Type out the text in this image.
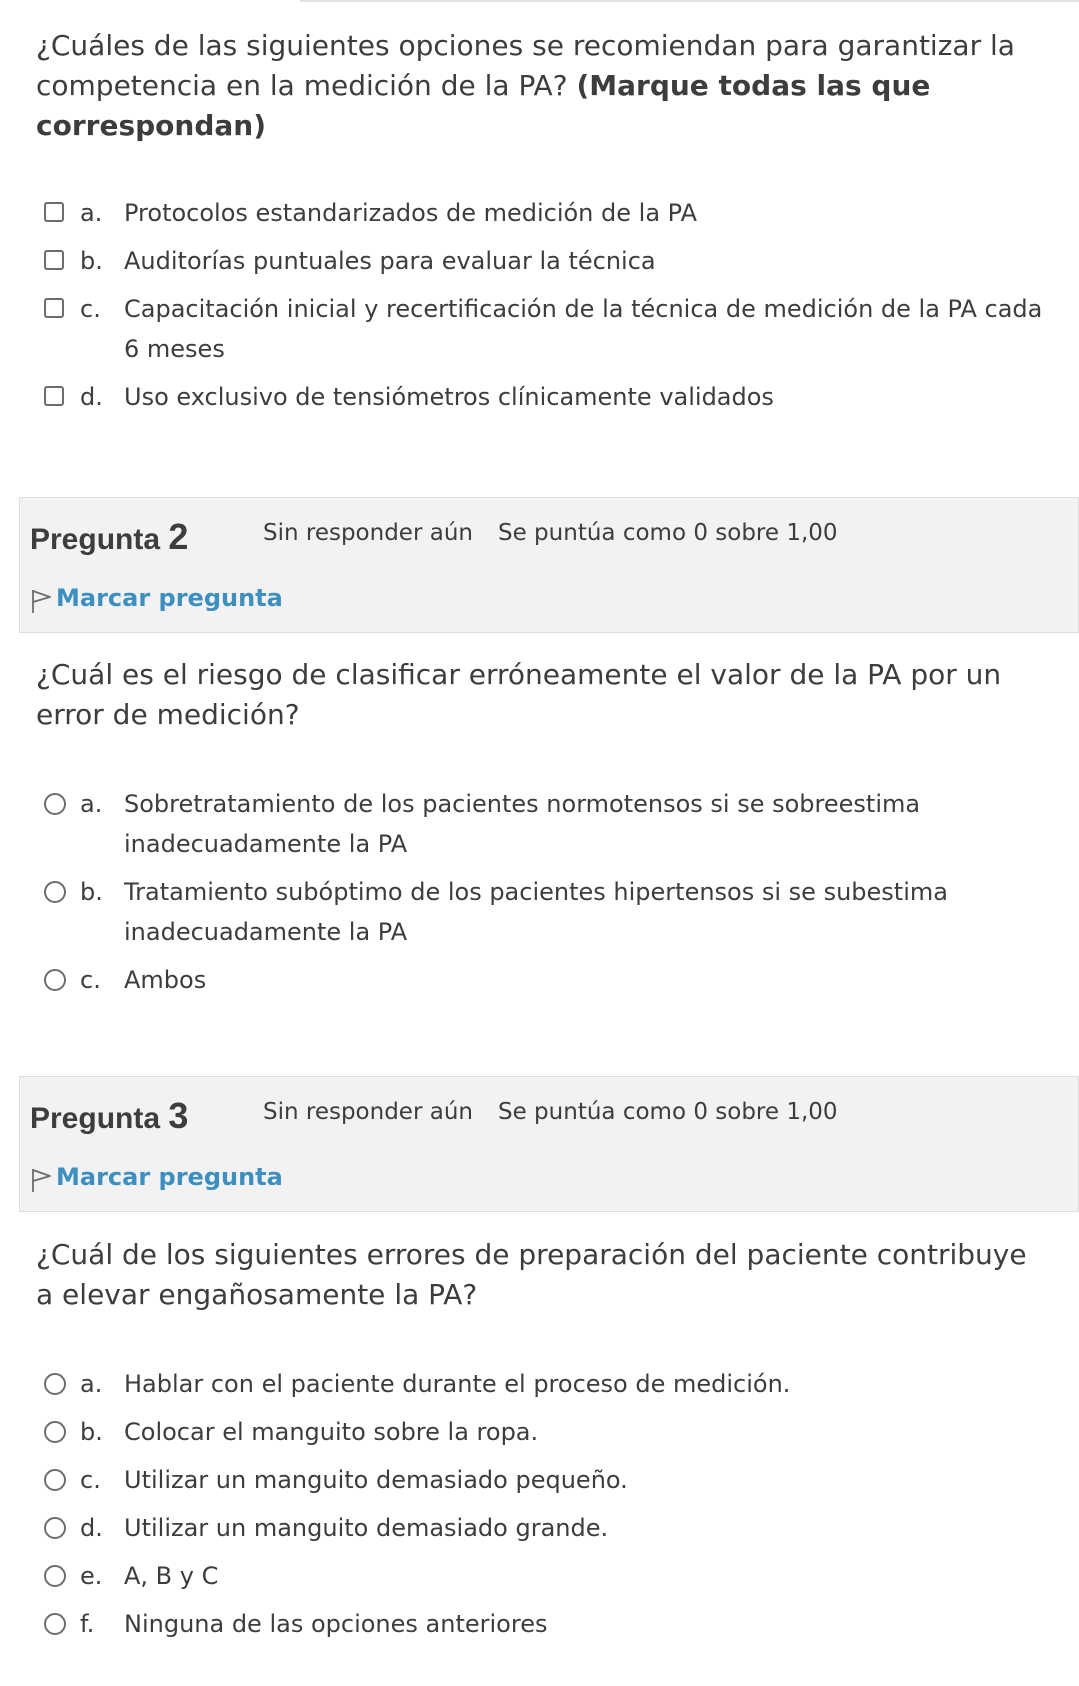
¿Cuáles de las siguientes opciones se recomiendan para garantizar la competencia en la medición de la PA? (Marque todas las que correspondan)
a. Protocolos estandarizados de medición de la PA
b. Auditorías puntuales para evaluar la técnica
c. Capacitación inicial y recertificación de la técnica de medición de la PA cada 6 meses
d. Uso exclusivo de tensiómetros clínicamente validados
Pregunta 2	Sin responder aún Se puntúa como 0 sobre 1,00
Marcar pregunta
¿Cuál es el riesgo de clasificar erróneamente el valor de la PA por un error de medición?
a. Sobretratamiento de los pacientes normotensos si se sobreestima inadecuadamente la PA
b. Tratamiento subóptimo de los pacientes hipertensos si se subestima inadecuadamente la PA
c. Ambos
Pregunta 3	Sin responder aún Se puntúa como 0 sobre 1,00
Marcar pregunta
¿Cuál de los siguientes errores de preparación del paciente contribuye a elevar engañosamente la PA?
a. Hablar con el paciente durante el proceso de medición.
b. Colocar el manguito sobre la ropa.
c. Utilizar un manguito demasiado pequeño.
d. Utilizar un manguito demasiado grande.
e. A, B y C
f.	Ninguna de las opciones anteriores
